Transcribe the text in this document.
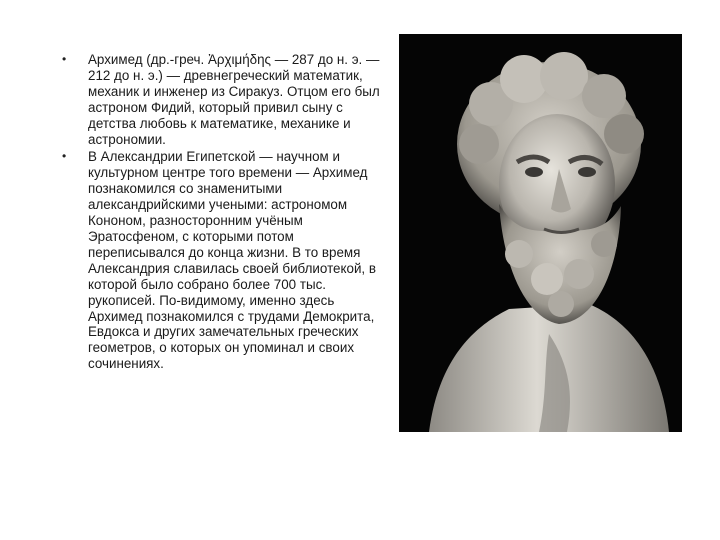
• Архимед (др.-греч. Ἀρχιμήδης — 287 до н. э. — 212 до н. э.) — древнегреческий математик, механик и инженер из Сиракуз. Отцом его был астроном Фидий, который привил сыну с детства любовь к математике, механике и астрономии.
• В Александрии Египетской — научном и культурном центре того времени — Архимед познакомился со знаменитыми александрийскими учеными: астрономом Кононом, разносторонним учёным Эратосфеном, с которыми потом переписывался до конца жизни. В то время Александрия славилась своей библиотекой, в которой было собрано более 700 тыс. рукописей. По-видимому, именно здесь Архимед познакомился с трудами Демокрита, Евдокса и других замечательных греческих геометров, о которых он упоминал и своих сочинениях.
